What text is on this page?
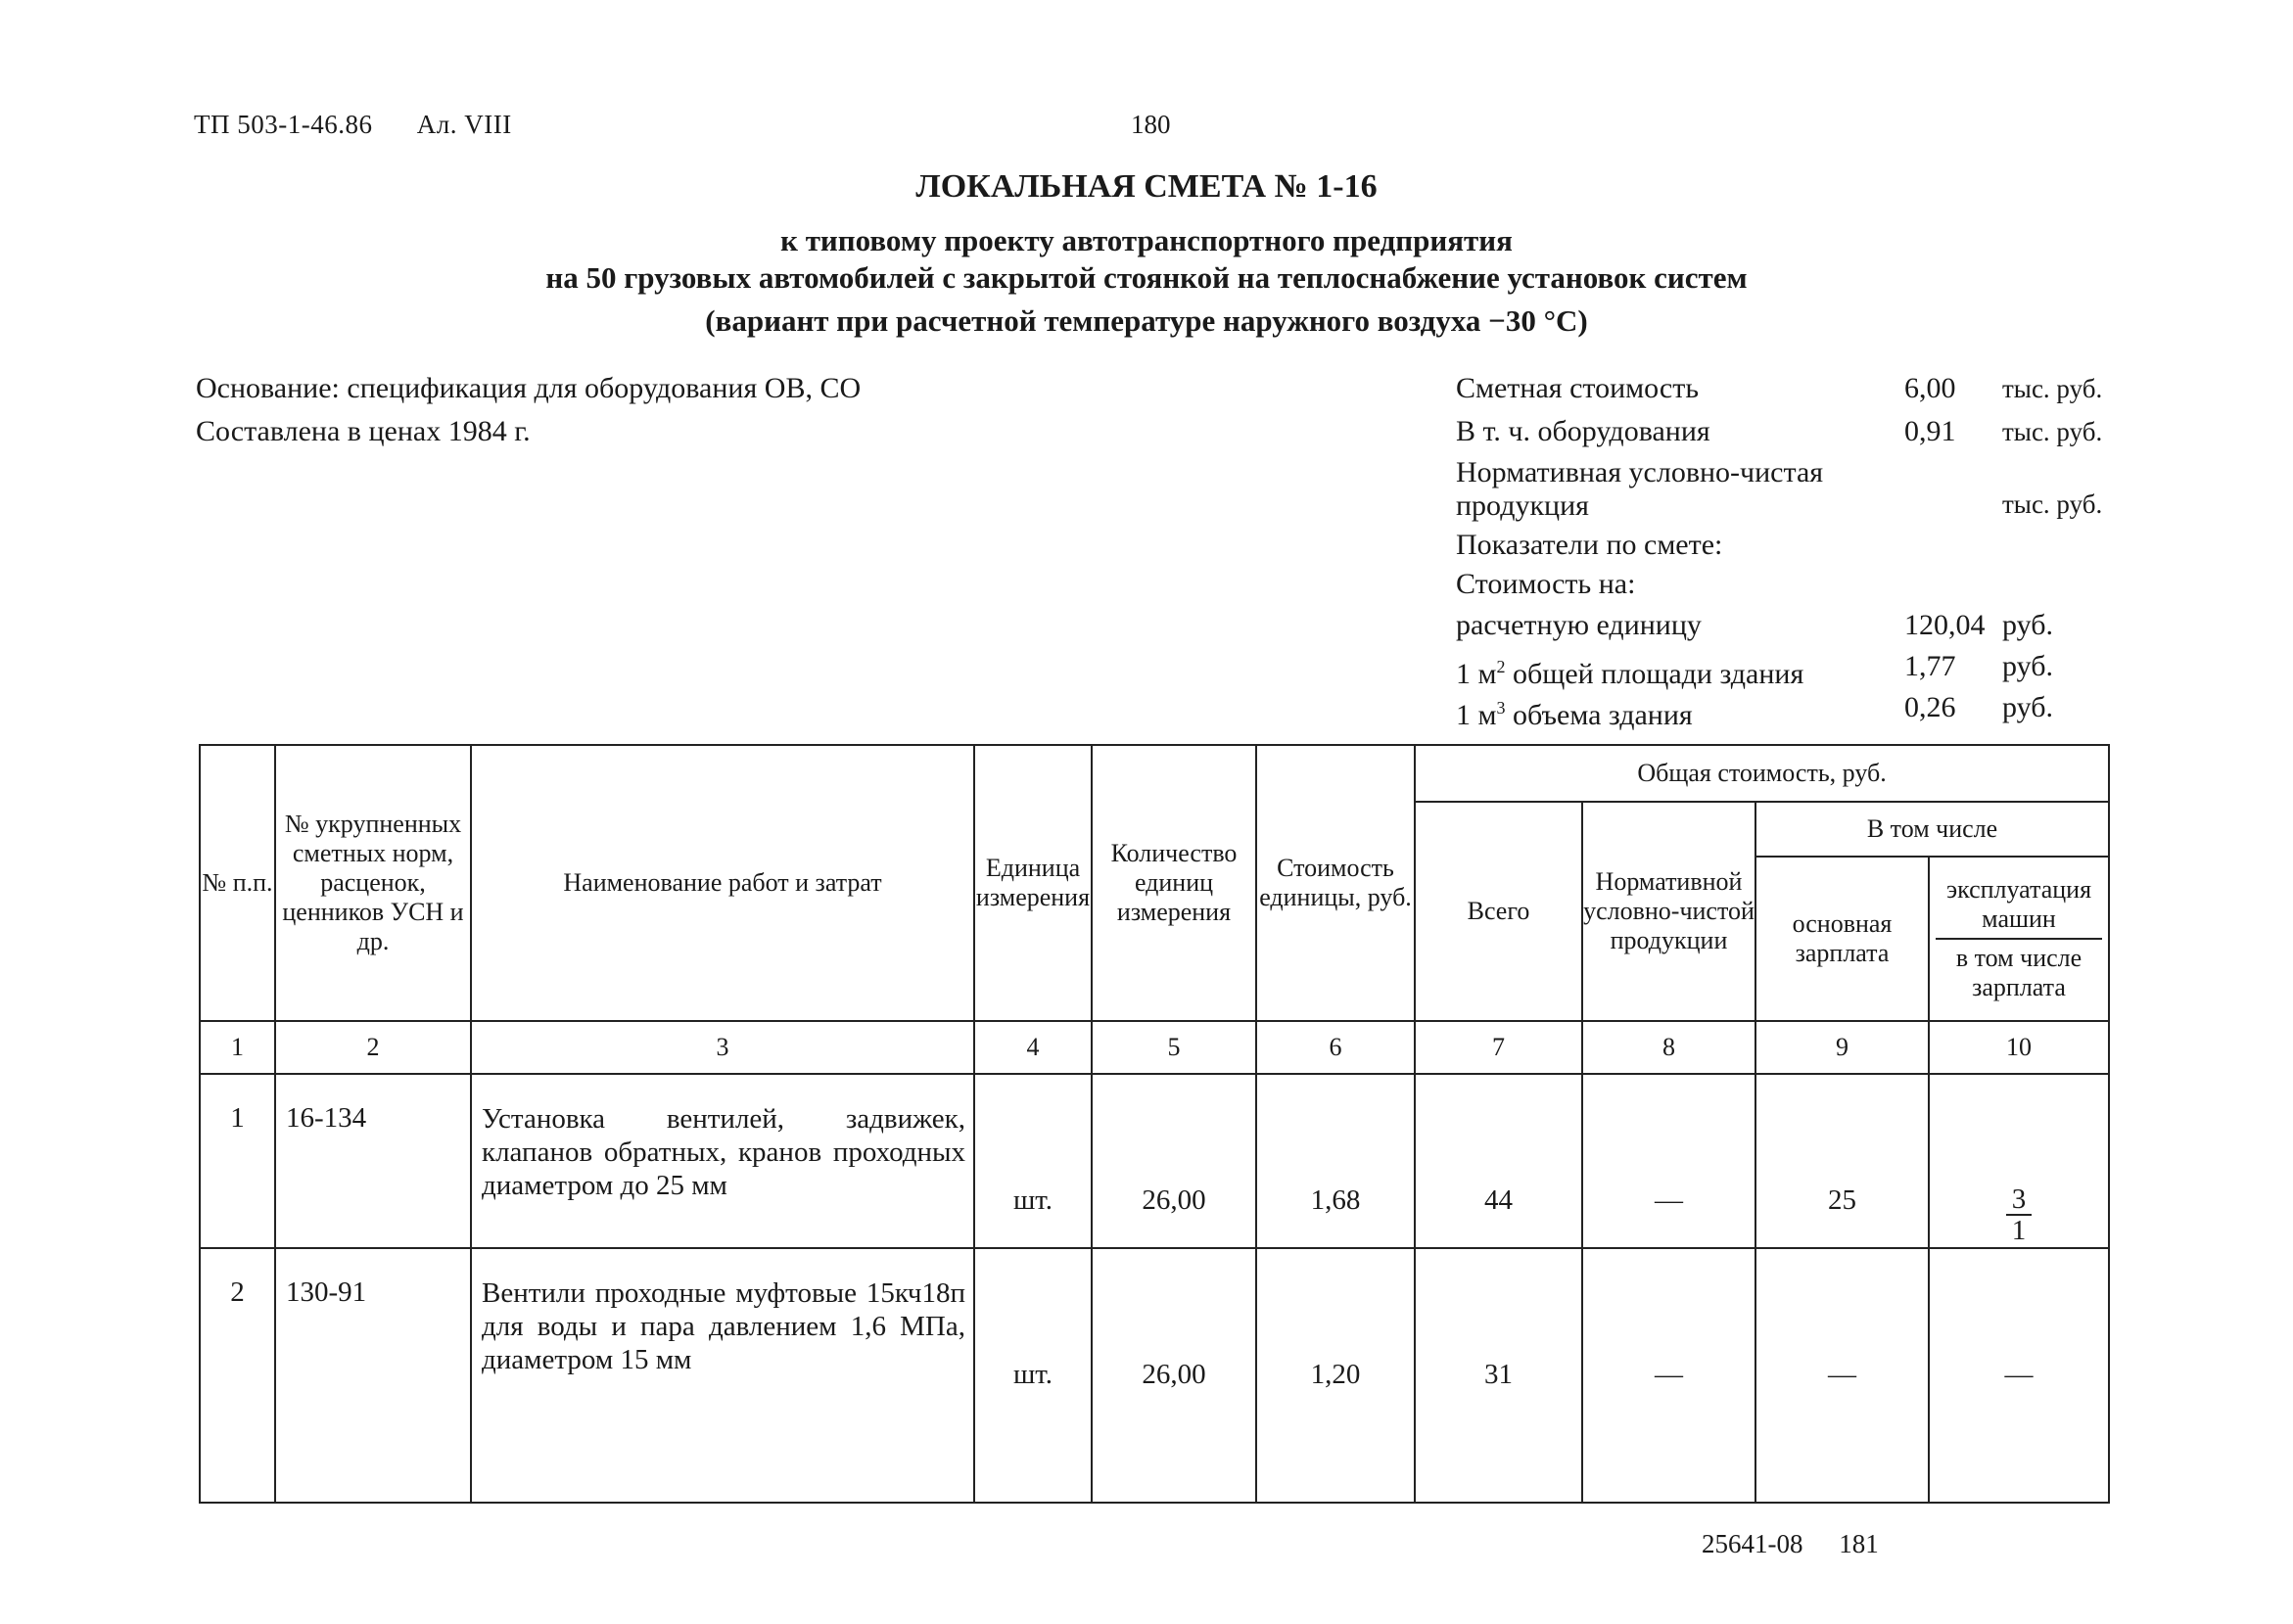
ТП 503-1-46.86 Ал. VIII	180
ЛОКАЛЬНАЯ СМЕТА № 1-16
к типовому проекту автотранспортного предприятия
на 50 грузовых автомобилей с закрытой стоянкой на теплоснабжение установок систем
(вариант при расчетной температуре наружного воздуха −30 °С)
Основание: спецификация для оборудования ОВ, СО
Составлена в ценах 1984 г.
Сметная стоимость	6,00	тыс. руб.
В т. ч. оборудования	0,91	тыс. руб.
Нормативная условно-чистая продукция	тыс. руб.
Показатели по смете:
Стоимость на:
расчетную единицу	120,04 руб.
1 $м^2$ общей площади здания	1,77	руб.
1 $м^3$ объема здания	0,26	руб.
№ п.п.	№ укрупненных сметных норм, расценок, ценников УСН и др.	Наименование работ и затрат	Единица измерения	Количество единиц измерения	Стоимость единицы, руб.	Общая стоимость, руб.			
						Всего	Нормативной условно-чистой продукции	В том числе	
								основная зарплата	эксплуатация машин
в том числе зарплата

1	2	3	4	5	6	7	8	9	10
1	16-134	Установка вентилей, задвижек, клапанов обратных, кранов проходных диаметром до 25 мм	шт.	26,00	1,68	44	—	25	$\frac{3}{1}$

2	130-91	Вентили проходные муфтовые 15кч18п для воды и пара давлением 1,6 МПа, диаметром 15 мм	шт.	26,00	1,20	31	—	—	—
25641-08 181
